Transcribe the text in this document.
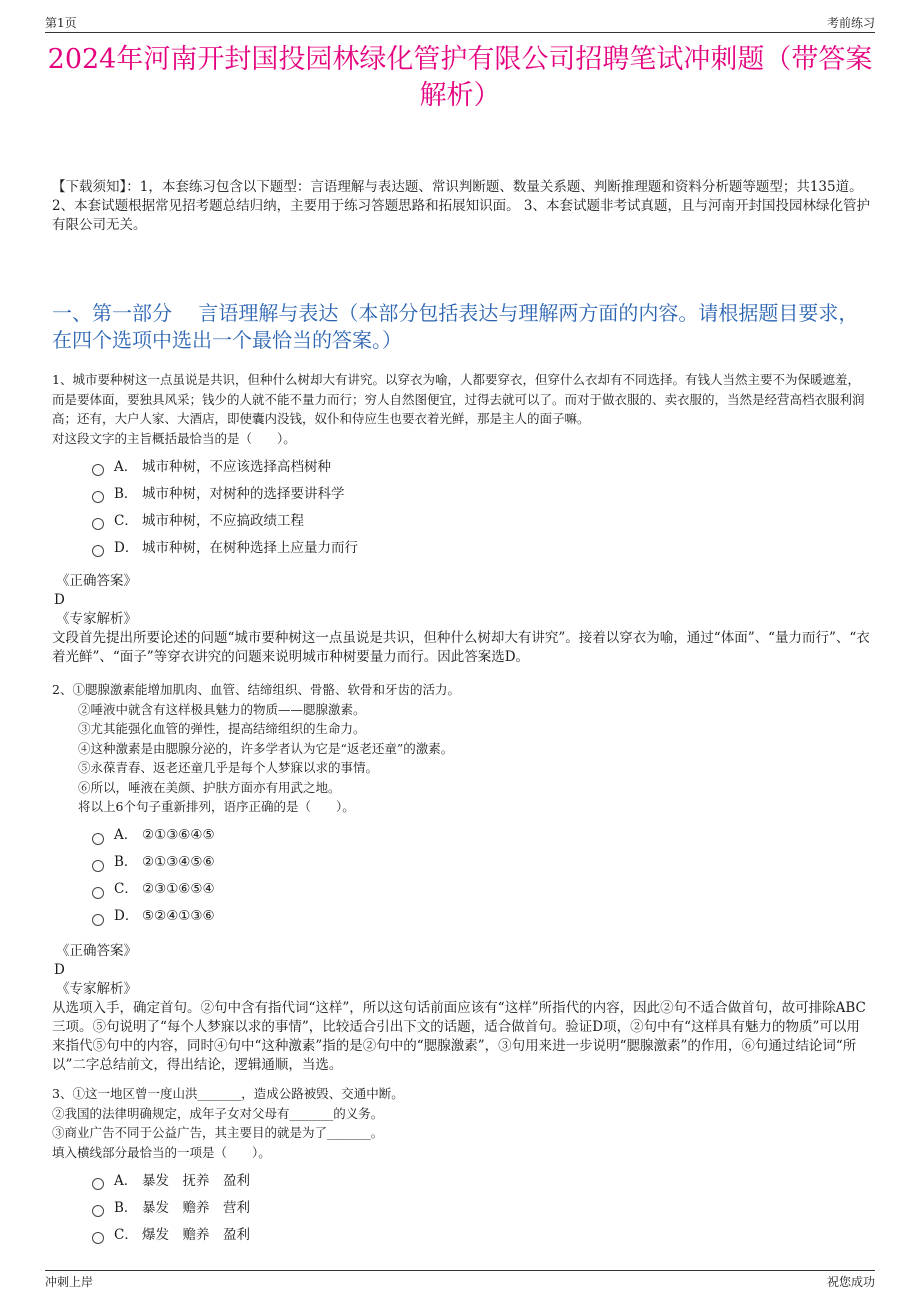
第1页	考前练习
2024年河南开封国投园林绿化管护有限公司招聘笔试冲刺题（带答案解析）
【下载须知】：1，本套练习包含以下题型：言语理解与表达题、常识判断题、数量关系题、判断推理题和资料分析题等题型；共135道。 2、本套试题根据常见招考题总结归纳，主要用于练习答题思路和拓展知识面。 3、本套试题非考试真题，且与河南开封国投园林绿化管护有限公司无关。
一、第一部分　 言语理解与表达（本部分包括表达与理解两方面的内容。请根据题目要求，在四个选项中选出一个最恰当的答案。）

1、城市要种树这一点虽说是共识，但种什么树却大有讲究。以穿衣为喻，人都要穿衣，但穿什么衣却有不同选择。有钱人当然主要不为保暖遮羞，而是要体面，要独具风采；钱少的人就不能不量力而行；穷人自然图便宜，过得去就可以了。而对于做衣服的、卖衣服的，当然是经营高档衣服利润高；还有，大户人家、大酒店，即使囊内没钱，奴仆和侍应生也要衣着光鲜，那是主人的面子嘛。

对这段文字的主旨概括最恰当的是（　　）。

A． 城市种树，不应该选择高档树种
B． 城市种树，对树种的选择要讲科学
C． 城市种树，不应搞政绩工程
D． 城市种树，在树种选择上应量力而行

《正确答案》

D

《专家解析》

文段首先提出所要论述的问题“城市要种树这一点虽说是共识，但种什么树却大有讲究”。接着以穿衣为喻，通过“体面”、“量力而行”、“衣着光鲜”、“面子”等穿衣讲究的问题来说明城市种树要量力而行。因此答案选D。

2、①腮腺激素能增加肌肉、血管、结缔组织、骨骼、软骨和牙齿的活力。

②唾液中就含有这样极具魅力的物质——腮腺激素。

③尤其能强化血管的弹性，提高结缔组织的生命力。

④这种激素是由腮腺分泌的，许多学者认为它是“返老还童”的激素。

⑤永葆青春、返老还童几乎是每个人梦寐以求的事情。

⑥所以，唾液在美颜、护肤方面亦有用武之地。

将以上6个句子重新排列，语序正确的是（　　）。

A． ②①③⑥④⑤
B． ②①③④⑤⑥
C． ②③①⑥⑤④
D． ⑤②④①③⑥

《正确答案》

D

《专家解析》

从选项入手，确定首句。②句中含有指代词“这样”，所以这句话前面应该有“这样”所指代的内容，因此②句不适合做首句，故可排除ABC三项。⑤句说明了“每个人梦寐以求的事情”，比较适合引出下文的话题，适合做首句。验证D项，②句中有“这样具有魅力的物质”可以用来指代⑤句中的内容，同时④句中“这种激素”指的是②句中的“腮腺激素”，③句用来进一步说明“腮腺激素”的作用，⑥句通过结论词“所以”二字总结前文，得出结论，逻辑通顺，当选。

3、①这一地区曾一度山洪_______，造成公路被毁、交通中断。

②我国的法律明确规定，成年子女对父母有_______的义务。

③商业广告不同于公益广告，其主要目的就是为了_______。

填入横线部分最恰当的一项是（　　）。

A． 暴发　抚养　盈利
B． 暴发　赡养　营利
C． 爆发　赡养　盈利
冲刺上岸	祝您成功
